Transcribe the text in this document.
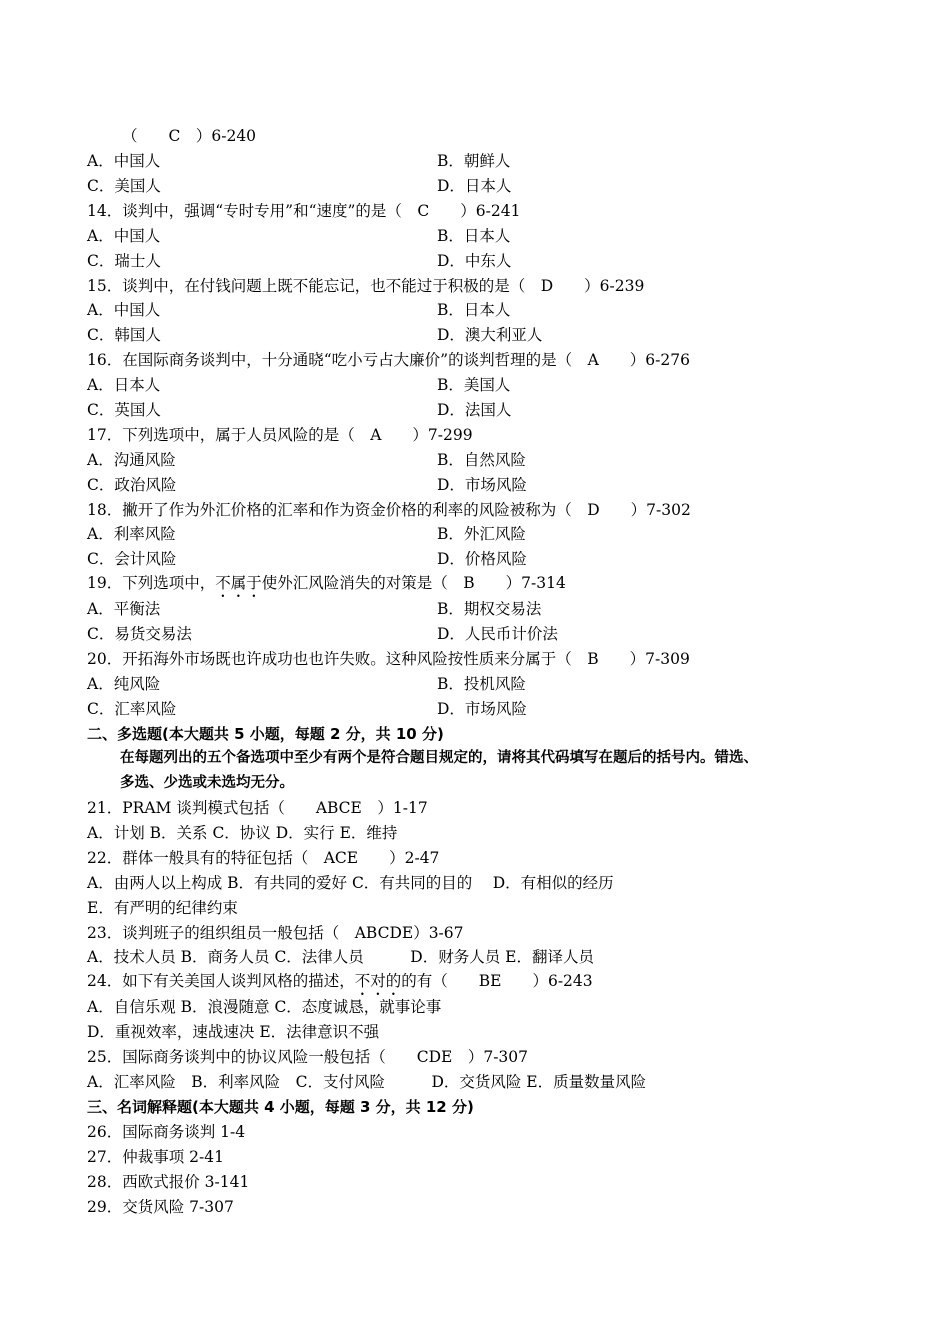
（　　C　）6-240
A．中国人	B．朝鲜人
C．美国人	D．日本人
14．谈判中，强调“专时专用”和“速度”的是（　C　　）6-241
A．中国人	B．日本人
C．瑞士人	D．中东人
15．谈判中，在付钱问题上既不能忘记，也不能过于积极的是（　D　　）6-239
A．中国人	B．日本人
C．韩国人	D．澳大利亚人
16．在国际商务谈判中，十分通晓“吃小亏占大廉价”的谈判哲理的是（　A　　）6-276
A．日本人	B．美国人
C．英国人	D．法国人
17．下列选项中，属于人员风险的是（　A　　）7-299
A．沟通风险	B．自然风险
C．政治风险	D．市场风险
18．撇开了作为外汇价格的汇率和作为资金价格的利率的风险被称为（　D　　）7-302
A．利率风险	B．外汇风险
C．会计风险	D．价格风险
19．下列选项中，不属于使外汇风险消失的对策是（　B　　）7-314
A．平衡法	B．期权交易法
C．易货交易法	D．人民币计价法
20．开拓海外市场既也许成功也也许失败。这种风险按性质来分属于（　B　　）7-309
A．纯风险	B．投机风险
C．汇率风险	D．市场风险
二、多选题(本大题共 5 小题，每题 2 分，共 10 分)
在每题列出的五个备选项中至少有两个是符合题目规定的，请将其代码填写在题后的括号内。错选、
多选、少选或未选均无分。
21．PRAM 谈判模式包括（　　ABCE　）1-17
A．计划 B．关系 C．协议 D．实行 E．维持
22．群体一般具有的特征包括（　ACE　　）2-47
A．由两人以上构成 B．有共同的爱好 C．有共同的目的　 D．有相似的经历
E．有严明的纪律约束
23．谈判班子的组织组员一般包括（　ABCDE）3-67
A．技术人员 B．商务人员 C．法律人员　　　D．财务人员 E．翻译人员
24．如下有关美国人谈判风格的描述，不对的的有（　　BE　　）6-243
A．自信乐观 B．浪漫随意 C．态度诚恳，就事论事
D．重视效率，速战速决 E．法律意识不强
25．国际商务谈判中的协议风险一般包括（　　CDE　）7-307
A．汇率风险　B．利率风险　C．支付风险　　　D．交货风险 E．质量数量风险
三、名词解释题(本大题共 4 小题，每题 3 分，共 12 分)
26．国际商务谈判 1-4
27．仲裁事项 2-41
28．西欧式报价 3-141
29．交货风险 7-307
